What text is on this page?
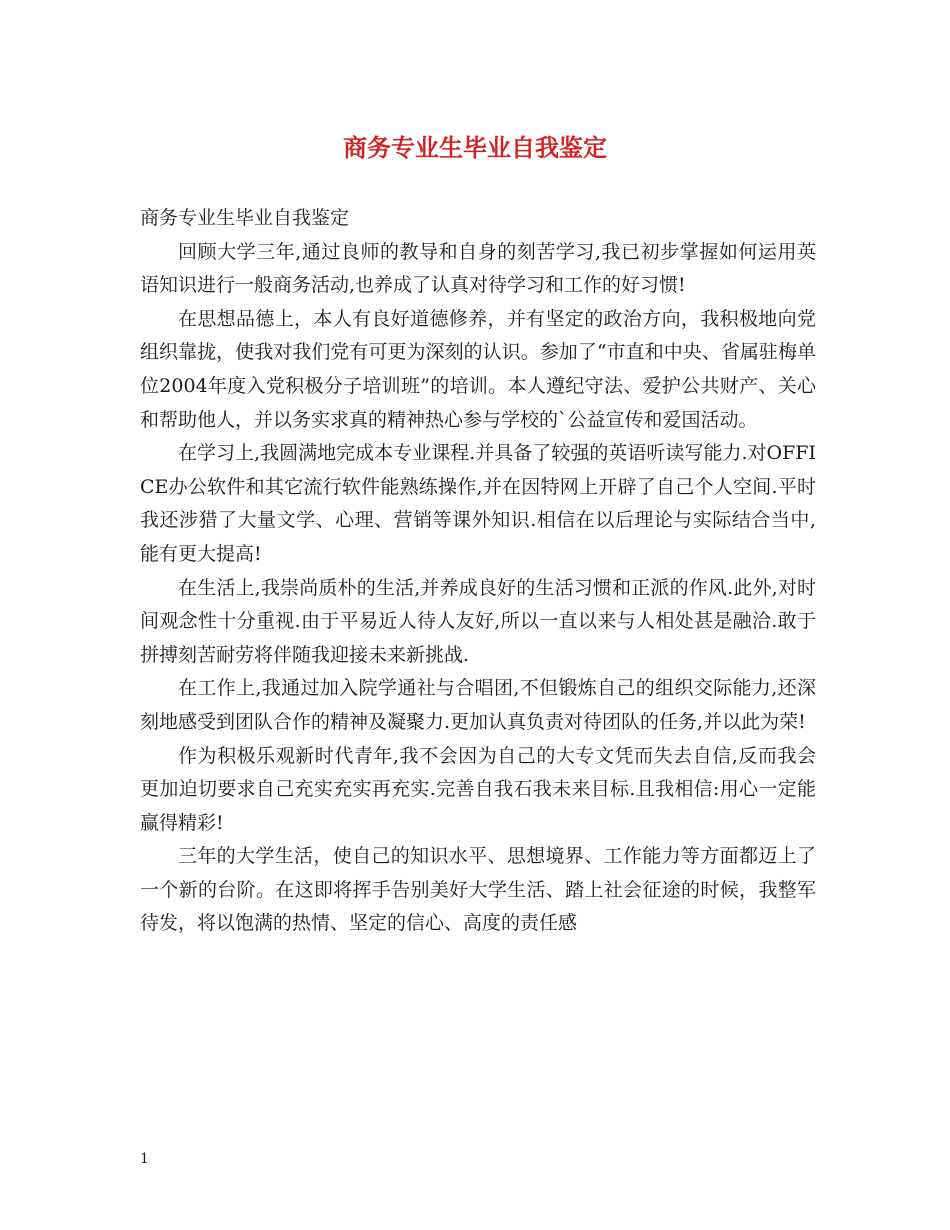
商务专业生毕业自我鉴定

商务专业生毕业自我鉴定

回顾大学三年,通过良师的教导和自身的刻苦学习,我已初步掌握如何运用英语知识进行一般商务活动,也养成了认真对待学习和工作的好习惯!

在思想品德上，本人有良好道德修养，并有坚定的政治方向，我积极地向党组织靠拢，使我对我们党有可更为深刻的认识。参加了“市直和中央、省属驻梅单位2004年度入党积极分子培训班”的培训。本人遵纪守法、爱护公共财产、关心和帮助他人，并以务实求真的精神热心参与学校的`公益宣传和爱国活动。

在学习上,我圆满地完成本专业课程.并具备了较强的英语听读写能力.对OFFICE办公软件和其它流行软件能熟练操作,并在因特网上开辟了自己个人空间.平时我还涉猎了大量文学、心理、营销等课外知识.相信在以后理论与实际结合当中,能有更大提高!

在生活上,我崇尚质朴的生活,并养成良好的生活习惯和正派的作风.此外,对时间观念性十分重视.由于平易近人待人友好,所以一直以来与人相处甚是融洽.敢于拼搏刻苦耐劳将伴随我迎接未来新挑战.

在工作上,我通过加入院学通社与合唱团,不但锻炼自己的组织交际能力,还深刻地感受到团队合作的精神及凝聚力.更加认真负责对待团队的任务,并以此为荣!

作为积极乐观新时代青年,我不会因为自己的大专文凭而失去自信,反而我会更加迫切要求自己充实充实再充实.完善自我石我未来目标.且我相信:用心一定能赢得精彩!

三年的大学生活，使自己的知识水平、思想境界、工作能力等方面都迈上了一个新的台阶。在这即将挥手告别美好大学生活、踏上社会征途的时候，我整军待发，将以饱满的热情、坚定的信心、高度的责任感

1
